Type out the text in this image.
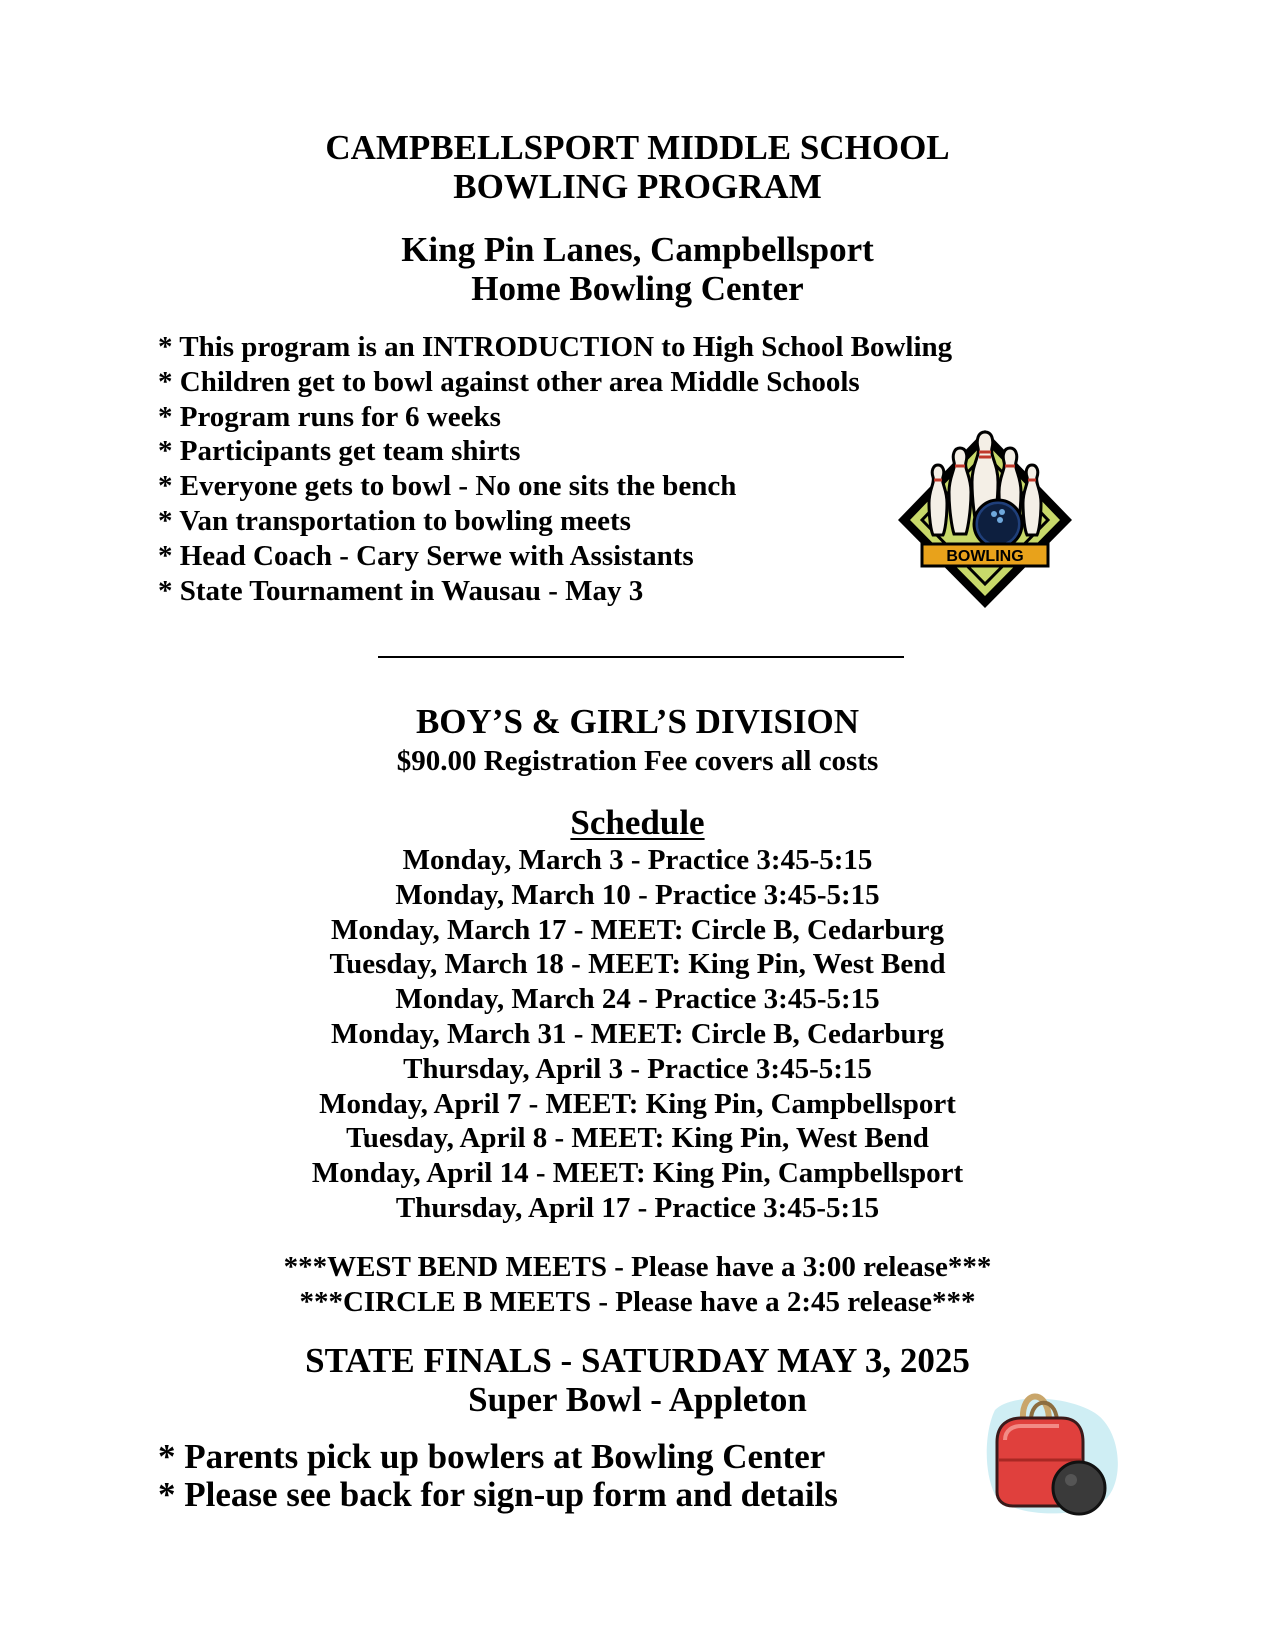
CAMPBELLSPORT MIDDLE SCHOOL
BOWLING PROGRAM
King Pin Lanes, Campbellsport
Home Bowling Center
* This program is an INTRODUCTION to High School Bowling
* Children get to bowl against other area Middle Schools
* Program runs for 6 weeks
* Participants get team shirts
* Everyone gets to bowl - No one sits the bench
* Van transportation to bowling meets
* Head Coach - Cary Serwe with Assistants
* State Tournament in Wausau - May 3
BOWLING
BOY’S & GIRL’S DIVISION
$90.00 Registration Fee covers all costs
Schedule
Monday, March 3 - Practice 3:45-5:15
Monday, March 10 - Practice 3:45-5:15
Monday, March 17 - MEET: Circle B, Cedarburg
Tuesday, March 18 - MEET: King Pin, West Bend
Monday, March 24 - Practice 3:45-5:15
Monday, March 31 - MEET: Circle B, Cedarburg
Thursday, April 3 - Practice 3:45-5:15
Monday, April 7 - MEET: King Pin, Campbellsport
Tuesday, April 8 - MEET: King Pin, West Bend
Monday, April 14 - MEET: King Pin, Campbellsport
Thursday, April 17 - Practice 3:45-5:15
***WEST BEND MEETS - Please have a 3:00 release***
***CIRCLE B MEETS - Please have a 2:45 release***
STATE FINALS - SATURDAY MAY 3, 2025
Super Bowl - Appleton
* Parents pick up bowlers at Bowling Center
* Please see back for sign-up form and details
